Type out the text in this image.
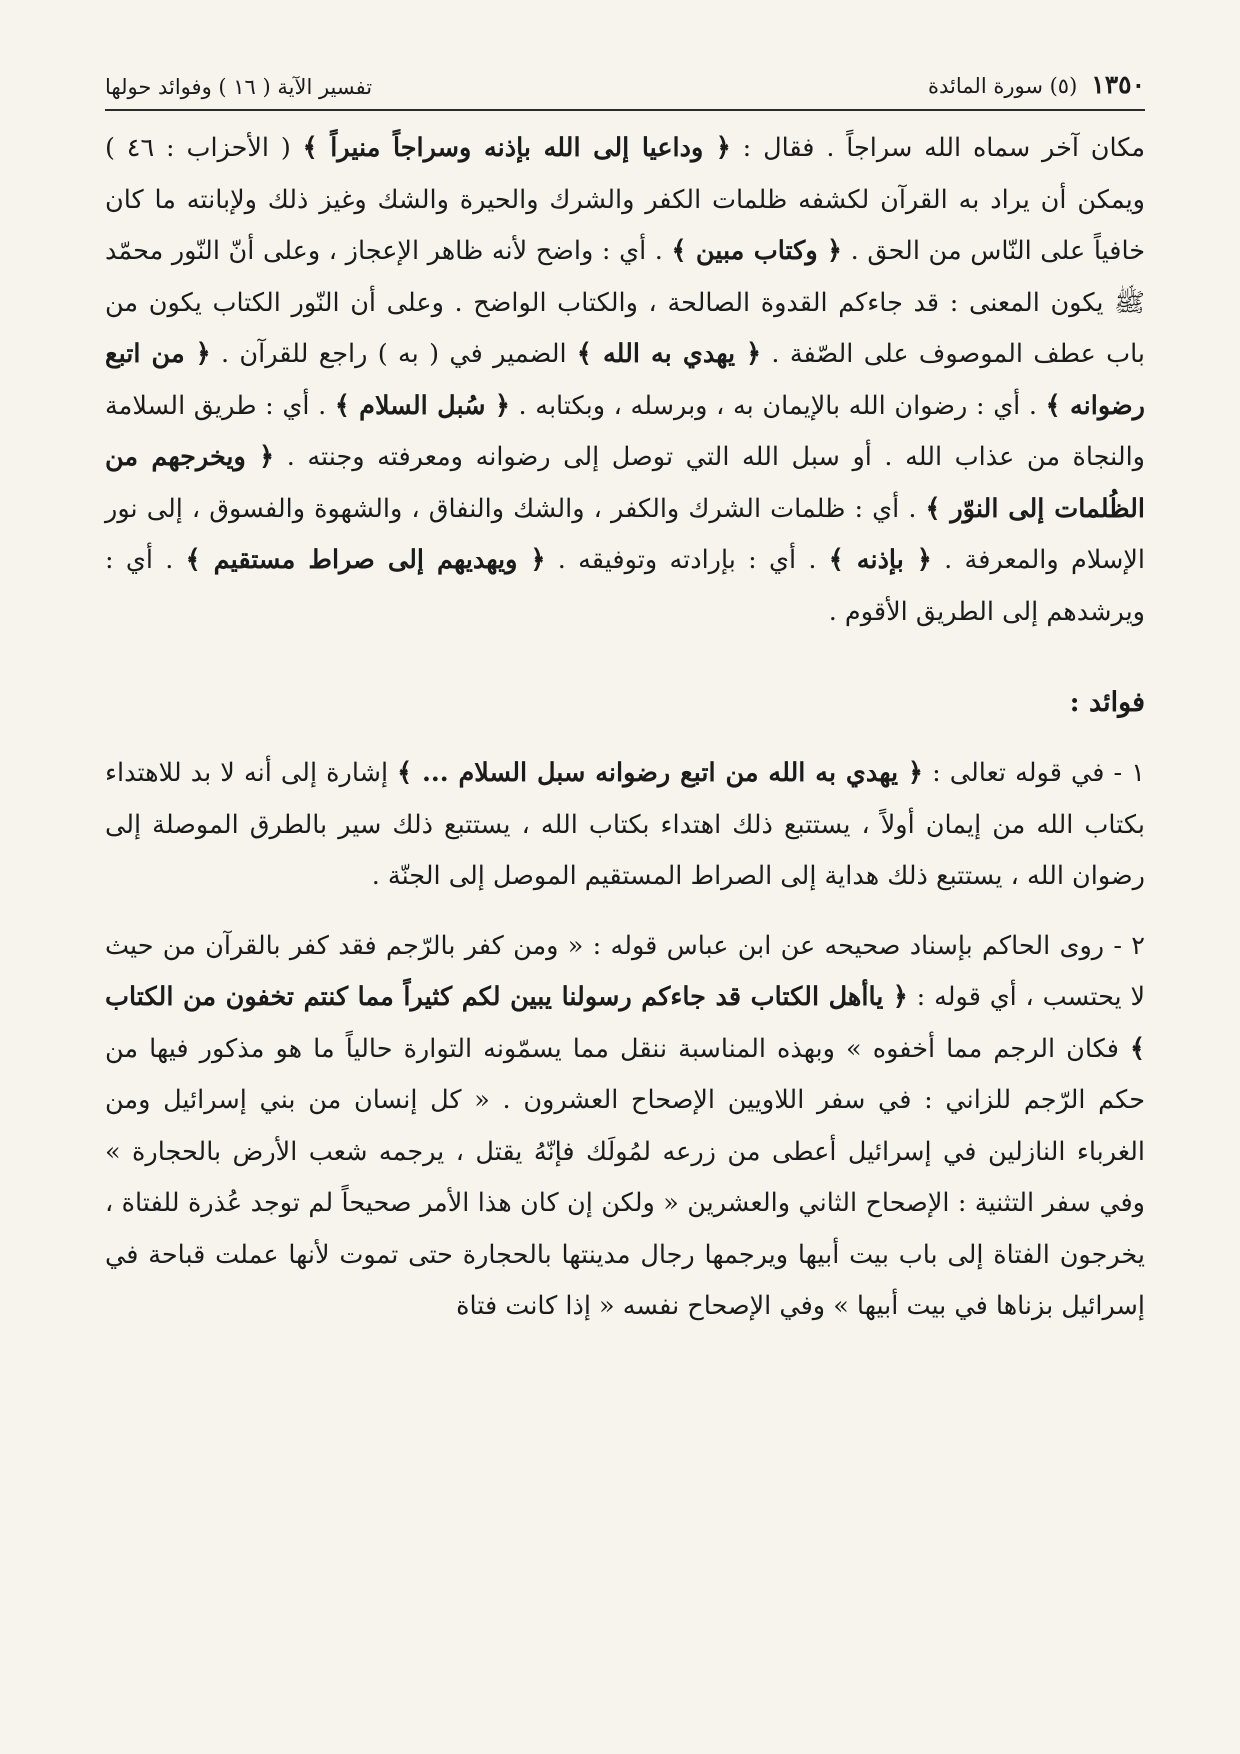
١٣٥٠
(٥) سورة المائدة
تفسير الآية ( ١٦ ) وفوائد حولها

مكان آخر سماه الله سراجاً . فقال : ﴿ وداعيا إلى الله بإذنه وسراجاً منيراً ﴾ ( الأحزاب : ٤٦ ) ويمكن أن يراد به القرآن لكشفه ظلمات الكفر والشرك والحيرة والشك وغيز ذلك ولإبانته ما كان خافياً على النّاس من الحق . ﴿ وكتاب مبين ﴾ . أي : واضح لأنه ظاهر الإعجاز ، وعلى أنّ النّور محمّد ﷺ يكون المعنى : قد جاءكم القدوة الصالحة ، والكتاب الواضح . وعلى أن النّور الكتاب يكون من باب عطف الموصوف على الصّفة . ﴿ يهدي به الله ﴾ الضمير في ( به ) راجع للقرآن . ﴿ من اتبع رضوانه ﴾ . أي : رضوان الله بالإيمان به ، وبرسله ، وبكتابه . ﴿ سُبل السلام ﴾ . أي : طريق السلامة والنجاة من عذاب الله . أو سبل الله التي توصل إلى رضوانه ومعرفته وجنته . ﴿ ويخرجهم من الظُلمات إلى النوّر ﴾ . أي : ظلمات الشرك والكفر ، والشك والنفاق ، والشهوة والفسوق ، إلى نور الإسلام والمعرفة . ﴿ بإذنه ﴾ . أي : بإرادته وتوفيقه . ﴿ ويهديهم إلى صراط مستقيم ﴾ . أي : ويرشدهم إلى الطريق الأقوم .

فوائد :

١ - في قوله تعالى : ﴿ يهدي به الله من اتبع رضوانه سبل السلام ... ﴾ إشارة إلى أنه لا بد للاهتداء بكتاب الله من إيمان أولاً ، يستتبع ذلك اهتداء بكتاب الله ، يستتبع ذلك سير بالطرق الموصلة إلى رضوان الله ، يستتبع ذلك هداية إلى الصراط المستقيم الموصل إلى الجنّة .

٢ - روى الحاكم بإسناد صحيحه عن ابن عباس قوله : « ومن كفر بالرّجم فقد كفر بالقرآن من حيث لا يحتسب ، أي قوله : ﴿ ياأهل الكتاب قد جاءكم رسولنا يبين لكم كثيراً مما كنتم تخفون من الكتاب ﴾ فكان الرجم مما أخفوه » وبهذه المناسبة ننقل مما يسمّونه التوارة حالياً ما هو مذكور فيها من حكم الرّجم للزاني : في سفر اللاويين الإصحاح العشرون . « كل إنسان من بني إسرائيل ومن الغرباء النازلين في إسرائيل أعطى من زرعه لمُولَك فإنّهُ يقتل ، يرجمه شعب الأرض بالحجارة » وفي سفر التثنية : الإصحاح الثاني والعشرين « ولكن إن كان هذا الأمر صحيحاً لم توجد عُذرة للفتاة ، يخرجون الفتاة إلى باب بيت أبيها ويرجمها رجال مدينتها بالحجارة حتى تموت لأنها عملت قباحة في إسرائيل بزناها في بيت أبيها » وفي الإصحاح نفسه « إذا كانت فتاة
